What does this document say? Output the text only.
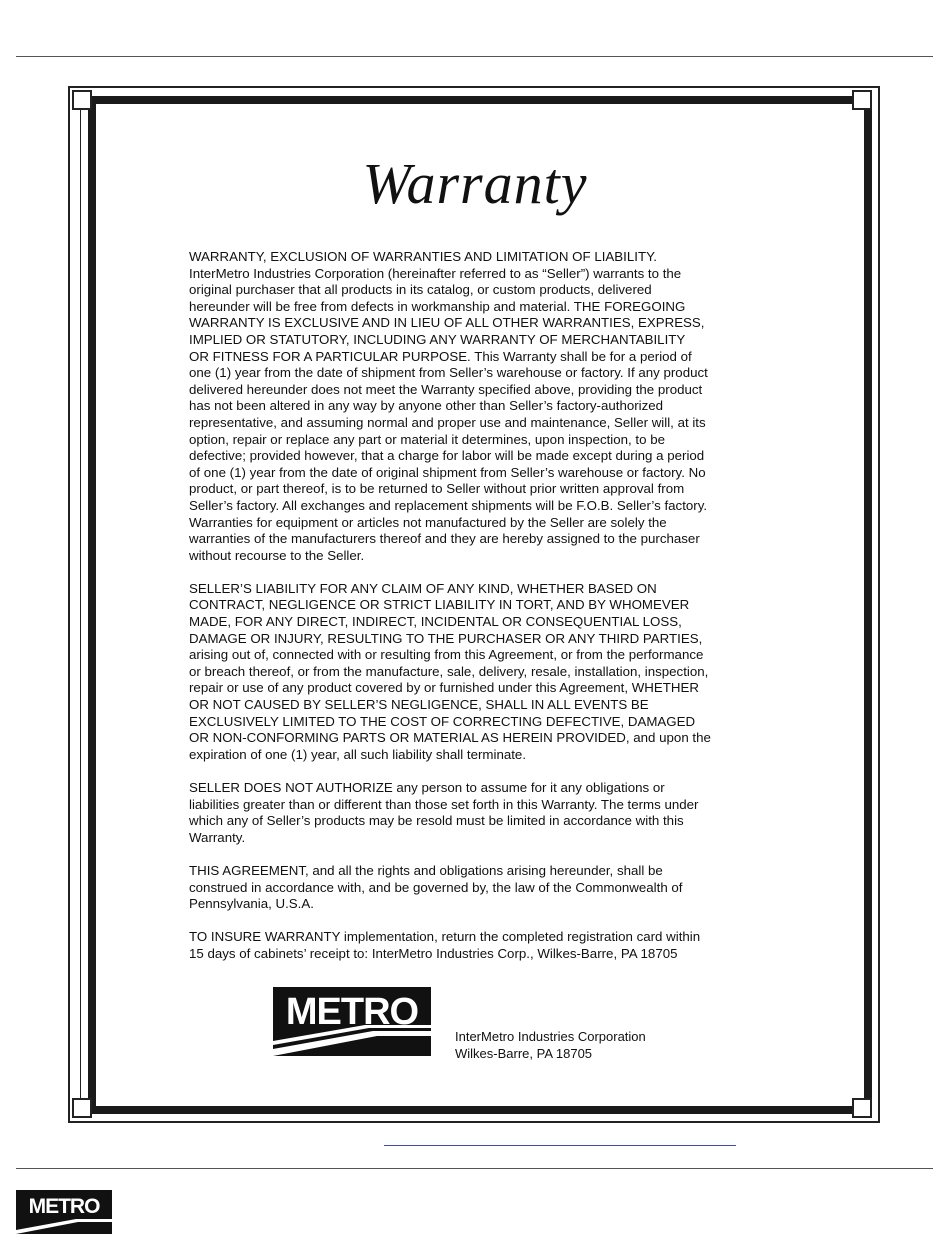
Warranty

WARRANTY, EXCLUSION OF WARRANTIES AND LIMITATION OF LIABILITY.
InterMetro Industries Corporation (hereinafter referred to as “Seller”) warrants to the
original purchaser that all products in its catalog, or custom products, delivered
hereunder will be free from defects in workmanship and material. THE FOREGOING
WARRANTY IS EXCLUSIVE AND IN LIEU OF ALL OTHER WARRANTIES, EXPRESS,
IMPLIED OR STATUTORY, INCLUDING ANY WARRANTY OF MERCHANTABILITY
OR FITNESS FOR A PARTICULAR PURPOSE. This Warranty shall be for a period of
one (1) year from the date of shipment from Seller’s warehouse or factory. If any product
delivered hereunder does not meet the Warranty specified above, providing the product
has not been altered in any way by anyone other than Seller’s factory-authorized
representative, and assuming normal and proper use and maintenance, Seller will, at its
option, repair or replace any part or material it determines, upon inspection, to be
defective; provided however, that a charge for labor will be made except during a period
of one (1) year from the date of original shipment from Seller’s warehouse or factory. No
product, or part thereof, is to be returned to Seller without prior written approval from
Seller’s factory. All exchanges and replacement shipments will be F.O.B. Seller’s factory.
Warranties for equipment or articles not manufactured by the Seller are solely the
warranties of the manufacturers thereof and they are hereby assigned to the purchaser
without recourse to the Seller.

SELLER’S LIABILITY FOR ANY CLAIM OF ANY KIND, WHETHER BASED ON
CONTRACT, NEGLIGENCE OR STRICT LIABILITY IN TORT, AND BY WHOMEVER
MADE, FOR ANY DIRECT, INDIRECT, INCIDENTAL OR CONSEQUENTIAL LOSS,
DAMAGE OR INJURY, RESULTING TO THE PURCHASER OR ANY THIRD PARTIES,
arising out of, connected with or resulting from this Agreement, or from the performance
or breach thereof, or from the manufacture, sale, delivery, resale, installation, inspection,
repair or use of any product covered by or furnished under this Agreement, WHETHER
OR NOT CAUSED BY SELLER’S NEGLIGENCE, SHALL IN ALL EVENTS BE
EXCLUSIVELY LIMITED TO THE COST OF CORRECTING DEFECTIVE, DAMAGED
OR NON-CONFORMING PARTS OR MATERIAL AS HEREIN PROVIDED, and upon the
expiration of one (1) year, all such liability shall terminate.

SELLER DOES NOT AUTHORIZE any person to assume for it any obligations or
liabilities greater than or different than those set forth in this Warranty. The terms under
which any of Seller’s products may be resold must be limited in accordance with this
Warranty.

THIS AGREEMENT, and all the rights and obligations arising hereunder, shall be
construed in accordance with, and be governed by, the law of the Commonwealth of
Pennsylvania, U.S.A.

TO INSURE WARRANTY implementation, return the completed registration card within
15 days of cabinets’ receipt to: InterMetro Industries Corp., Wilkes-Barre, PA 18705

METRO
InterMetro Industries Corporation
Wilkes-Barre, PA 18705
METRO ®
